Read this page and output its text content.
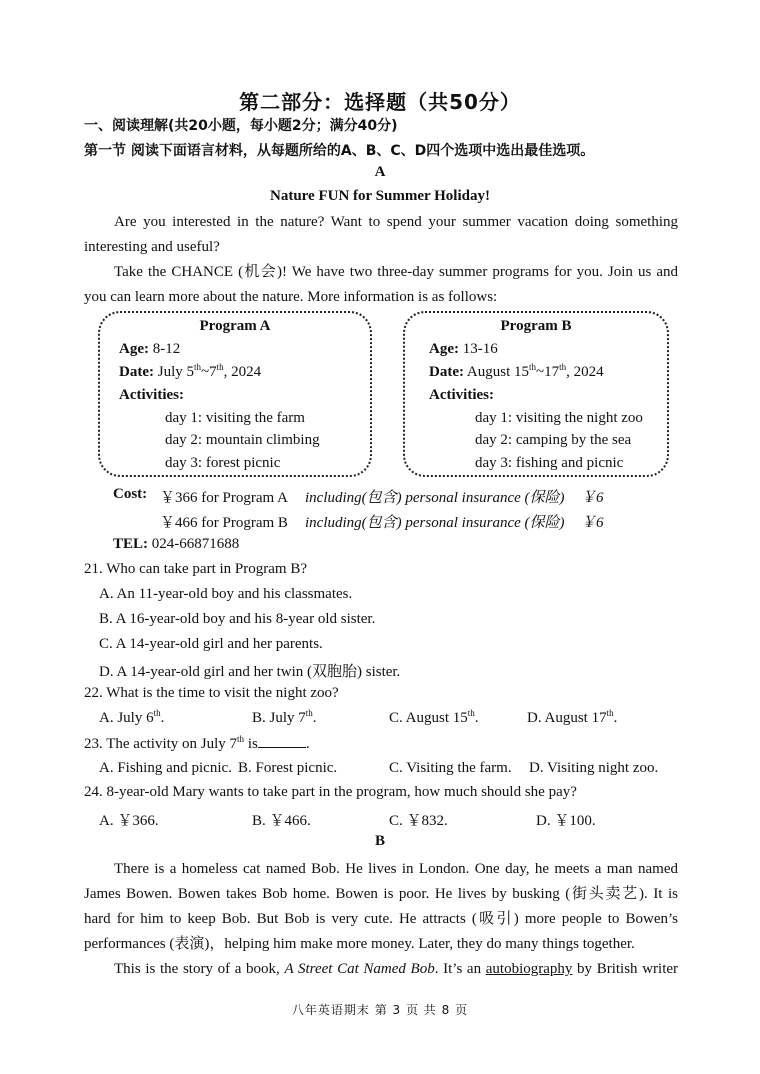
第二部分：选择题（共50分）
一、阅读理解(共20小题，每小题2分；满分40分)
第一节 阅读下面语言材料，从每题所给的A、B、C、D四个选项中选出最佳选项。
A
Nature FUN for Summer Holiday!
Are you interested in the nature? Want to spend your summer vacation doing something
interesting and useful?
Take the CHANCE (机会)! We have two three-day summer programs for you. Join us and
you can learn more about the nature. More information is as follows:
Program A
Age: 8-12
Date: July 5th~7th, 2024
Activities:
day 1: visiting the farm
day 2: mountain climbing
day 3: forest picnic
Program B
Age: 13-16
Date: August 15th~17th, 2024
Activities:
day 1: visiting the night zoo
day 2: camping by the sea
day 3: fishing and picnic
Cost: ￥366 for Program A including(包含) personal insurance (保险) ￥6
￥466 for Program B including(包含) personal insurance (保险) ￥6
TEL: 024-66871688
21. Who can take part in Program B?
A. An 11-year-old boy and his classmates.
B. A 16-year-old boy and his 8-year old sister.
C. A 14-year-old girl and her parents.
D. A 14-year-old girl and her twin (双胞胎) sister.
22. What is the time to visit the night zoo?
A. July 6th.	B. July 7th.	C. August 15th.	D. August 17th.
23. The activity on July 7th is	.
A. Fishing and picnic. B. Forest picnic.	C. Visiting the farm. D. Visiting night zoo.
24. 8-year-old Mary wants to take part in the program, how much should she pay?
A. ￥366.	B. ￥466.	C. ￥832.	D. ￥100.
B
There is a homeless cat named Bob. He lives in London. One day, he meets a man named
James Bowen. Bowen takes Bob home. Bowen is poor. He lives by busking (街头卖艺). It is
hard for him to keep Bob. But Bob is very cute. He attracts (吸引) more people to Bowen’s
performances (表演)，helping him make more money. Later, they do many things together.
This is the story of a book, A Street Cat Named Bob. It’s an autobiography by British writer
八年英语期末 第 3 页 共 8 页
